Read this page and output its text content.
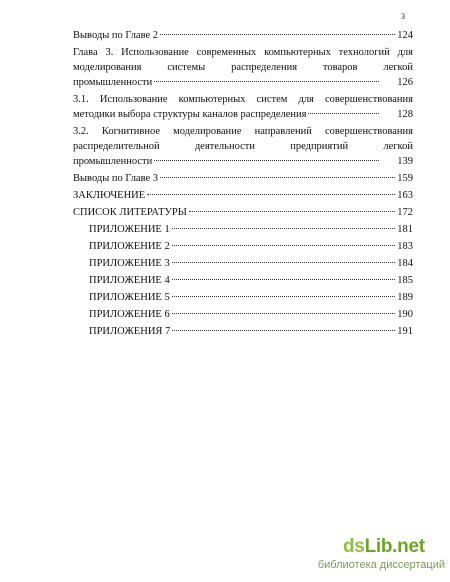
3
Выводы по Главе 2	124
Глава 3. Использование современных компьютерных технологий для
моделирования системы распределения товаров легкой
промышленности	126
3.1. Использование компьютерных систем для совершенствования
методики выбора структуры каналов распределения	128
3.2. Когнитивное моделирование направлений совершенствования
распределительной деятельности предприятий легкой
промышленности	139
Выводы по Главе 3	159
ЗАКЛЮЧЕНИЕ	163
СПИСОК ЛИТЕРАТУРЫ	172
ПРИЛОЖЕНИЕ 1	181
ПРИЛОЖЕНИЕ 2	183
ПРИЛОЖЕНИЕ 3	184
ПРИЛОЖЕНИЕ 4	185
ПРИЛОЖЕНИЕ 5	189
ПРИЛОЖЕНИЕ 6	190
ПРИЛОЖЕНИЯ 7	191
dsLib.net
библиотека диссертаций
